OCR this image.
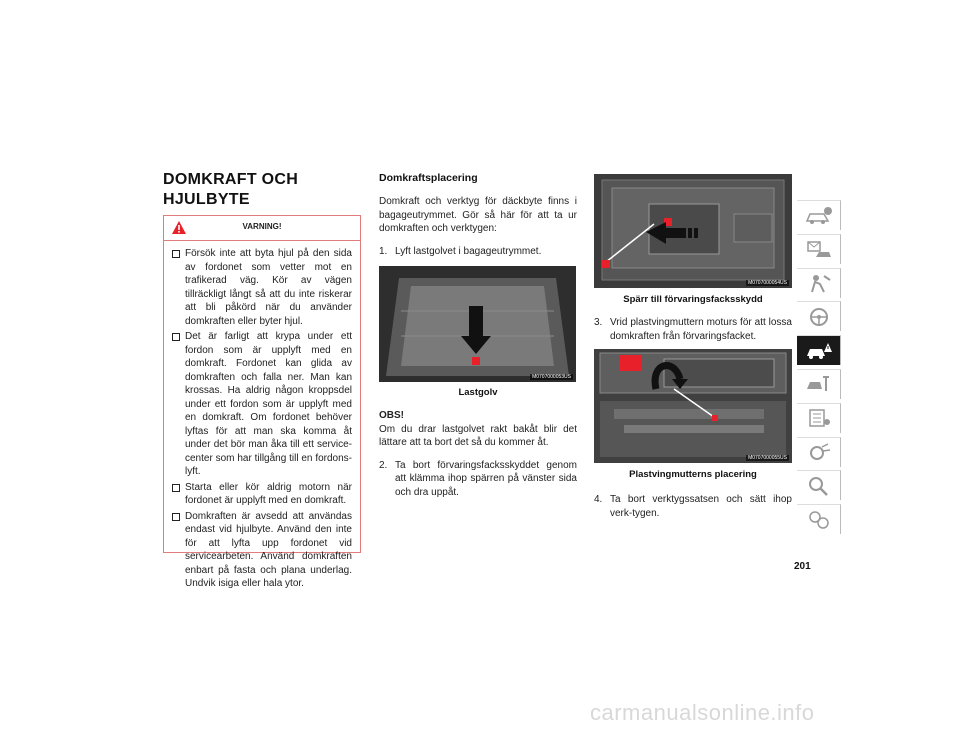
DOMKRAFT OCH HJULBYTE
VARNING!
Försök inte att byta hjul på den sida av fordonet som vetter mot en trafikerad väg. Kör av vägen tillräckligt långt så att du inte riskerar att bli påkörd när du använder domkraften eller byter hjul.
Det är farligt att krypa under ett fordon som är upplyft med en domkraft. Fordonet kan glida av domkraften och falla ner. Man kan krossas. Ha aldrig någon kroppsdel under ett fordon som är upplyft med en domkraft. Om fordonet behöver lyftas för att man ska komma åt under det bör man åka till ett service-center som har tillgång till en fordons-lyft.
Starta eller kör aldrig motorn när fordonet är upplyft med en domkraft.
Domkraften är avsedd att användas endast vid hjulbyte. Använd den inte för att lyfta upp fordonet vid servicearbeten. Använd domkraften enbart på fasta och plana underlag. Undvik isiga eller hala ytor.
Domkraftsplacering
Domkraft och verktyg för däckbyte finns i bagageutrymmet. Gör så här för att ta ur domkraften och verktygen:
1. Lyft lastgolvet i bagageutrymmet.
M0707000053US
Lastgolv
OBS!
Om du drar lastgolvet rakt bakåt blir det lättare att ta bort det så du kommer åt.
2. Ta bort förvaringsfacksskyddet genom att klämma ihop spärren på vänster sida och dra uppåt.
M0707000054US
Spärr till förvaringsfacksskydd
3. Vrid plastvingmuttern moturs för att lossa domkraften från förvaringsfacket.
M0707000055US
Plastvingmutterns placering
4. Ta bort verktygssatsen och sätt ihop verk-tygen.
201
carmanualsonline.info
